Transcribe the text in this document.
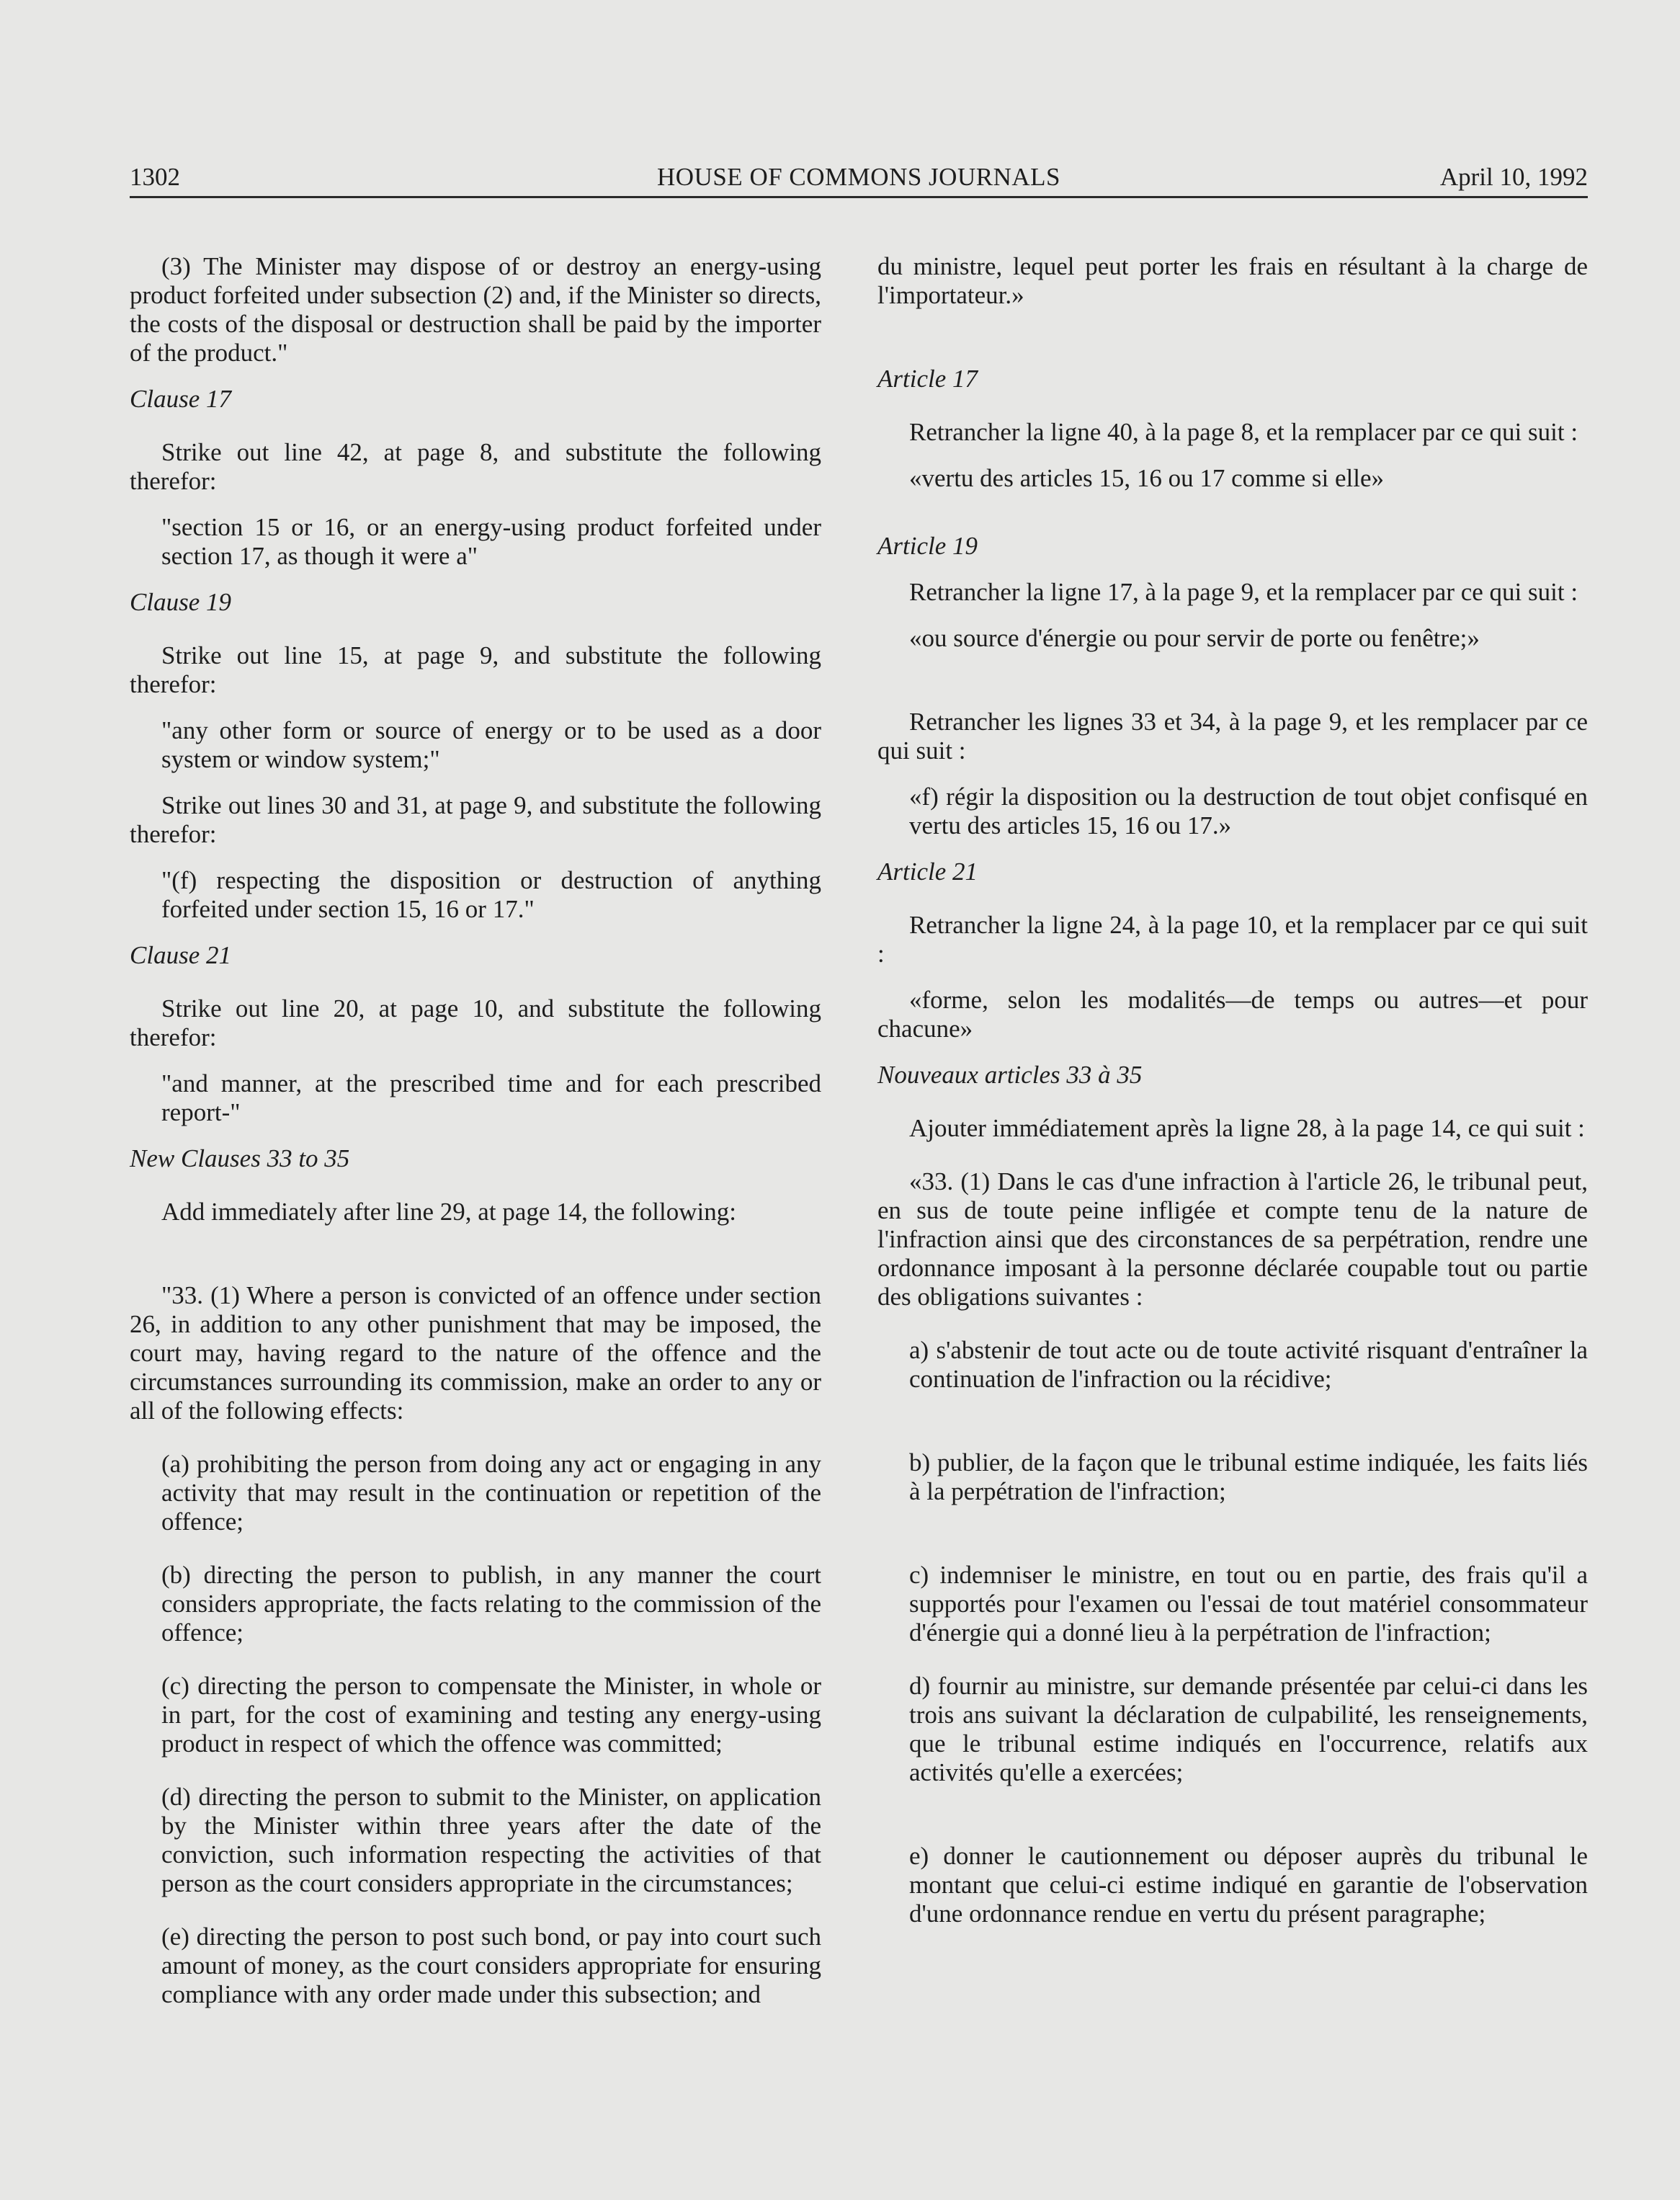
1302	HOUSE OF COMMONS JOURNALS	April 10, 1992

(3) The Minister may dispose of or destroy an energy-using product forfeited under subsection (2) and, if the Minister so directs, the costs of the disposal or destruction shall be paid by the importer of the product."

Clause 17

Strike out line 42, at page 8, and substitute the following therefor:

"section 15 or 16, or an energy-using product forfeited under section 17, as though it were a"

Clause 19

Strike out line 15, at page 9, and substitute the following therefor:

"any other form or source of energy or to be used as a door system or window system;"

Strike out lines 30 and 31, at page 9, and substitute the following therefor:

"(f) respecting the disposition or destruction of anything forfeited under section 15, 16 or 17."

Clause 21

Strike out line 20, at page 10, and substitute the following therefor:

"and manner, at the prescribed time and for each prescribed report-"

New Clauses 33 to 35

Add immediately after line 29, at page 14, the following:

"33. (1) Where a person is convicted of an offence under section 26, in addition to any other punishment that may be imposed, the court may, having regard to the nature of the offence and the circumstances surrounding its commission, make an order to any or all of the following effects:

(a) prohibiting the person from doing any act or engaging in any activity that may result in the continuation or repetition of the offence;

(b) directing the person to publish, in any manner the court considers appropriate, the facts relating to the commission of the offence;

(c) directing the person to compensate the Minister, in whole or in part, for the cost of examining and testing any energy-using product in respect of which the offence was committed;

(d) directing the person to submit to the Minister, on application by the Minister within three years after the date of the conviction, such information respecting the activities of that person as the court considers appropriate in the circumstances;

(e) directing the person to post such bond, or pay into court such amount of money, as the court considers appropriate for ensuring compliance with any order made under this subsection; and

du ministre, lequel peut porter les frais en résultant à la charge de l'importateur.»

Article 17

Retrancher la ligne 40, à la page 8, et la remplacer par ce qui suit :

«vertu des articles 15, 16 ou 17 comme si elle»

Article 19

Retrancher la ligne 17, à la page 9, et la remplacer par ce qui suit :

«ou source d'énergie ou pour servir de porte ou fenêtre;»

Retrancher les lignes 33 et 34, à la page 9, et les remplacer par ce qui suit :

«f) régir la disposition ou la destruction de tout objet confisqué en vertu des articles 15, 16 ou 17.»

Article 21

Retrancher la ligne 24, à la page 10, et la remplacer par ce qui suit :

«forme, selon les modalités—de temps ou autres—et pour chacune»

Nouveaux articles 33 à 35

Ajouter immédiatement après la ligne 28, à la page 14, ce qui suit :

«33. (1) Dans le cas d'une infraction à l'article 26, le tribunal peut, en sus de toute peine infligée et compte tenu de la nature de l'infraction ainsi que des circonstances de sa perpétration, rendre une ordonnance imposant à la personne déclarée coupable tout ou partie des obligations suivantes :

a) s'abstenir de tout acte ou de toute activité risquant d'entraîner la continuation de l'infraction ou la récidive;

b) publier, de la façon que le tribunal estime indiquée, les faits liés à la perpétration de l'infraction;

c) indemniser le ministre, en tout ou en partie, des frais qu'il a supportés pour l'examen ou l'essai de tout matériel consommateur d'énergie qui a donné lieu à la perpétration de l'infraction;

d) fournir au ministre, sur demande présentée par celui-ci dans les trois ans suivant la déclaration de culpabilité, les renseignements, que le tribunal estime indiqués en l'occurrence, relatifs aux activités qu'elle a exercées;

e) donner le cautionnement ou déposer auprès du tribunal le montant que celui-ci estime indiqué en garantie de l'observation d'une ordonnance rendue en vertu du présent paragraphe;
